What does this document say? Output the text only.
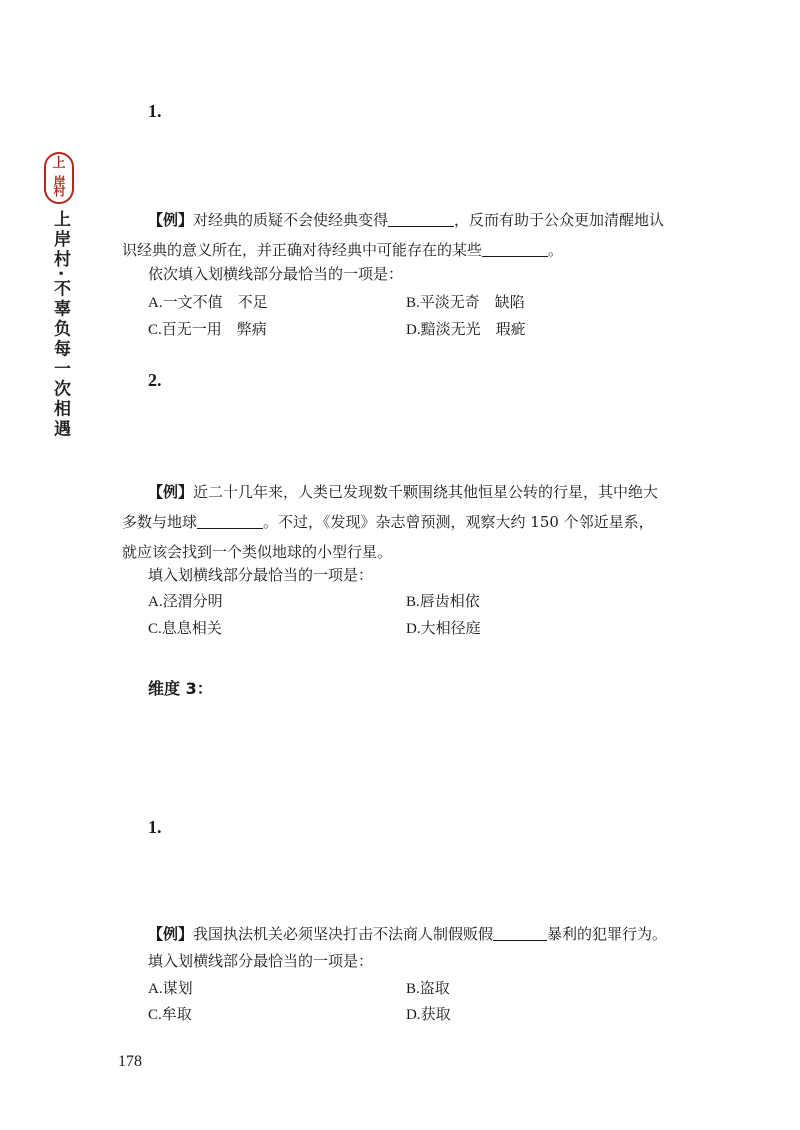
上
岸村
上岸村·不辜负每一次相遇
1.
【例】对经典的质疑不会使经典变得	，反而有助于公众更加清醒地认
识经典的意义所在，并正确对待经典中可能存在的某些	。
依次填入划横线部分最恰当的一项是：
A.一文不值　不足	B.平淡无奇　缺陷
C.百无一用　弊病	D.黯淡无光　瑕疵
2.
【例】近二十几年来，人类已发现数千颗围绕其他恒星公转的行星，其中绝大
多数与地球	。不过，《发现》杂志曾预测，观察大约 150 个邻近星系，
就应该会找到一个类似地球的小型行星。
填入划横线部分最恰当的一项是：
A.泾渭分明	B.唇齿相依
C.息息相关	D.大相径庭
维度 3：
1.
【例】我国执法机关必须坚决打击不法商人制假贩假	暴利的犯罪行为。
填入划横线部分最恰当的一项是：
A.谋划	B.盗取
C.牟取	D.获取
178
